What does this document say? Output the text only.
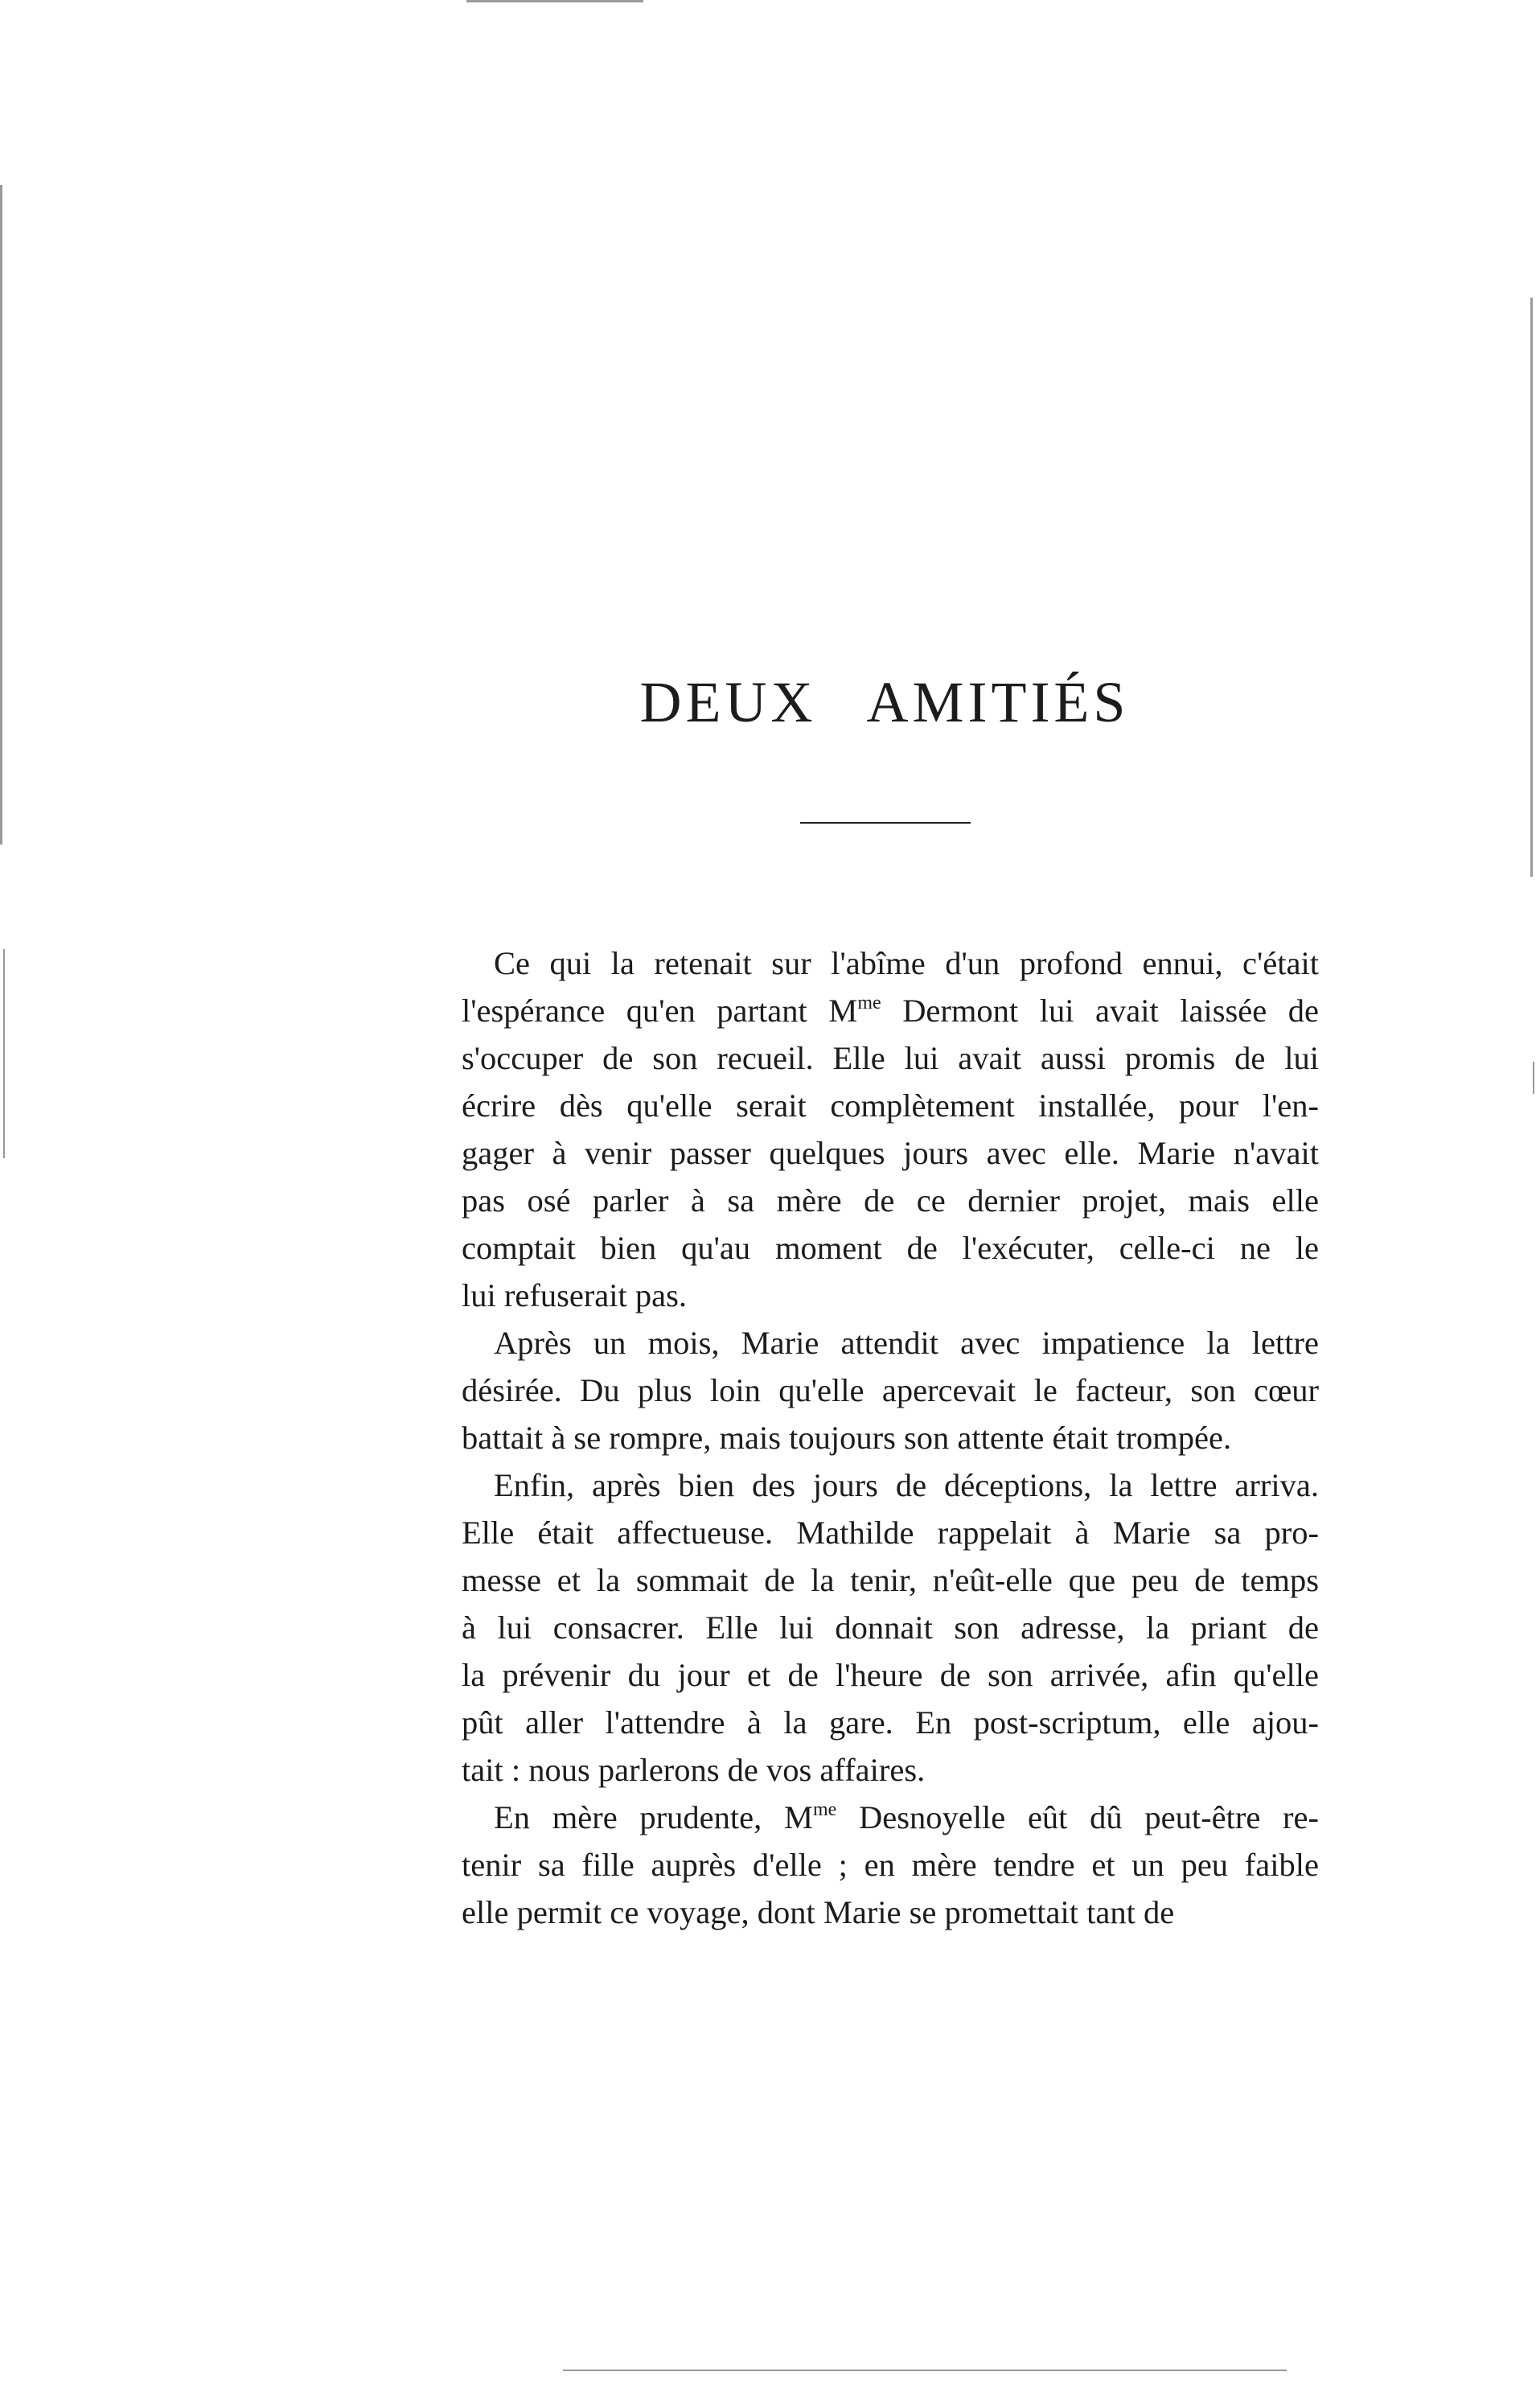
DEUX AMITIÉS
Ce qui la retenait sur l'abîme d'un profond ennui, c'était
l'espérance qu'en partant $M^{me}$ Dermont lui avait laissée de
s'occuper de son recueil. Elle lui avait aussi promis de lui
écrire dès qu'elle serait complètement installée, pour l'en-
gager à venir passer quelques jours avec elle. Marie n'avait
pas osé parler à sa mère de ce dernier projet, mais elle
comptait bien qu'au moment de l'exécuter, celle-ci ne le
lui refuserait pas.
Après un mois, Marie attendit avec impatience la lettre
désirée. Du plus loin qu'elle apercevait le facteur, son cœur
battait à se rompre, mais toujours son attente était trompée.
Enfin, après bien des jours de déceptions, la lettre arriva.
Elle était affectueuse. Mathilde rappelait à Marie sa pro-
messe et la sommait de la tenir, n'eût-elle que peu de temps
à lui consacrer. Elle lui donnait son adresse, la priant de
la prévenir du jour et de l'heure de son arrivée, afin qu'elle
pût aller l'attendre à la gare. En post-scriptum, elle ajou-
tait : nous parlerons de vos affaires.
En mère prudente, $M^{me}$ Desnoyelle eût dû peut-être re-
tenir sa fille auprès d'elle ; en mère tendre et un peu faible
elle permit ce voyage, dont Marie se promettait tant de
